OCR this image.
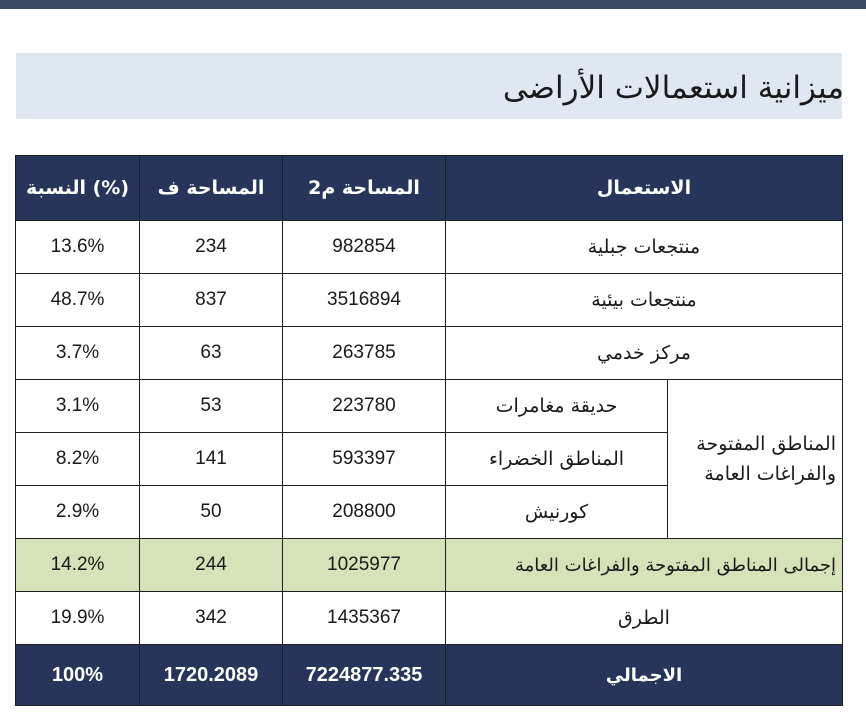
ميزانية استعمالات الأراضى
النسبة (%)	المساحة ف	المساحة م2	الاستعمال	
13.6%	234	982854	منتجعات جبلية	
48.7%	837	3516894	منتجعات بيئية	
3.7%	63	263785	مركز خدمي	
3.1%	53	223780	حديقة مغامرات	المناطق المفتوحة والفراغات العامة
8.2%	141	593397	المناطق الخضراء	
2.9%	50	208800	كورنيش	
14.2%	244	1025977	إجمالى المناطق المفتوحة والفراغات العامة	
19.9%	342	1435367	الطرق	
100%	1720.2089	7224877.335	الاجمالي	
